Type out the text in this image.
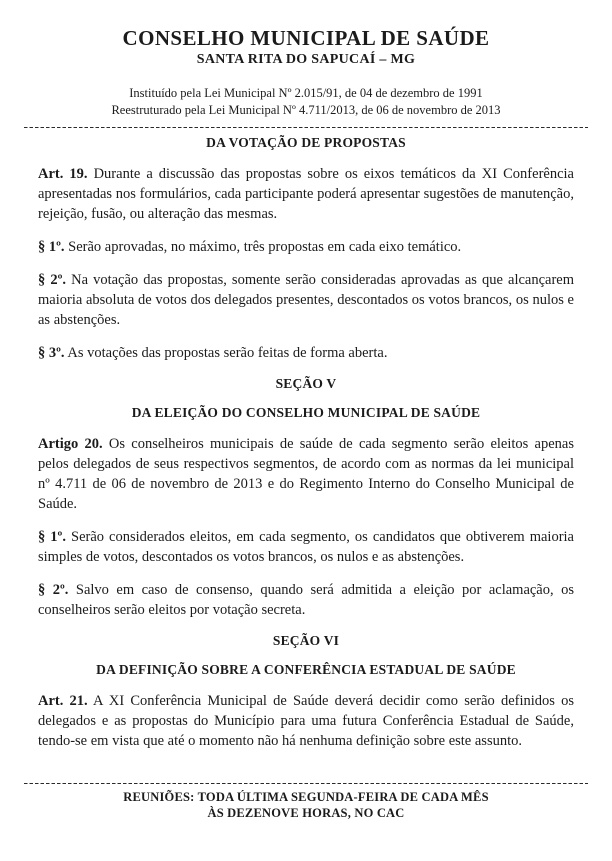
CONSELHO MUNICIPAL DE SAÚDE
SANTA RITA DO SAPUCAÍ – MG

Instituído pela Lei Municipal Nº 2.015/91, de 04 de dezembro de 1991

Reestruturado pela Lei Municipal Nº 4.711/2013, de 06 de novembro de 2013

DA VOTAÇÃO DE PROPOSTAS

Art. 19. Durante a discussão das propostas sobre os eixos temáticos da XI Conferência apresentadas nos formulários, cada participante poderá apresentar sugestões de manutenção, rejeição, fusão, ou alteração das mesmas.

§ 1º. Serão aprovadas, no máximo, três propostas em cada eixo temático.

§ 2º. Na votação das propostas, somente serão consideradas aprovadas as que alcançarem maioria absoluta de votos dos delegados presentes, descontados os votos brancos, os nulos e as abstenções.

§ 3º. As votações das propostas serão feitas de forma aberta.

SEÇÃO V
DA ELEIÇÃO DO CONSELHO MUNICIPAL DE SAÚDE

Artigo 20. Os conselheiros municipais de saúde de cada segmento serão eleitos apenas pelos delegados de seus respectivos segmentos, de acordo com as normas da lei municipal nº 4.711 de 06 de novembro de 2013 e do Regimento Interno do Conselho Municipal de Saúde.

§ 1º. Serão considerados eleitos, em cada segmento, os candidatos que obtiverem maioria simples de votos, descontados os votos brancos, os nulos e as abstenções.

§ 2º. Salvo em caso de consenso, quando será admitida a eleição por aclamação, os conselheiros serão eleitos por votação secreta.

SEÇÃO VI
DA DEFINIÇÃO SOBRE A CONFERÊNCIA ESTADUAL DE SAÚDE

Art. 21. A XI Conferência Municipal de Saúde deverá decidir como serão definidos os delegados e as propostas do Município para uma futura Conferência Estadual de Saúde, tendo-se em vista que até o momento não há nenhuma definição sobre este assunto.

REUNIÕES: TODA ÚLTIMA SEGUNDA-FEIRA DE CADA MÊS

ÀS DEZENOVE HORAS, NO CAC
